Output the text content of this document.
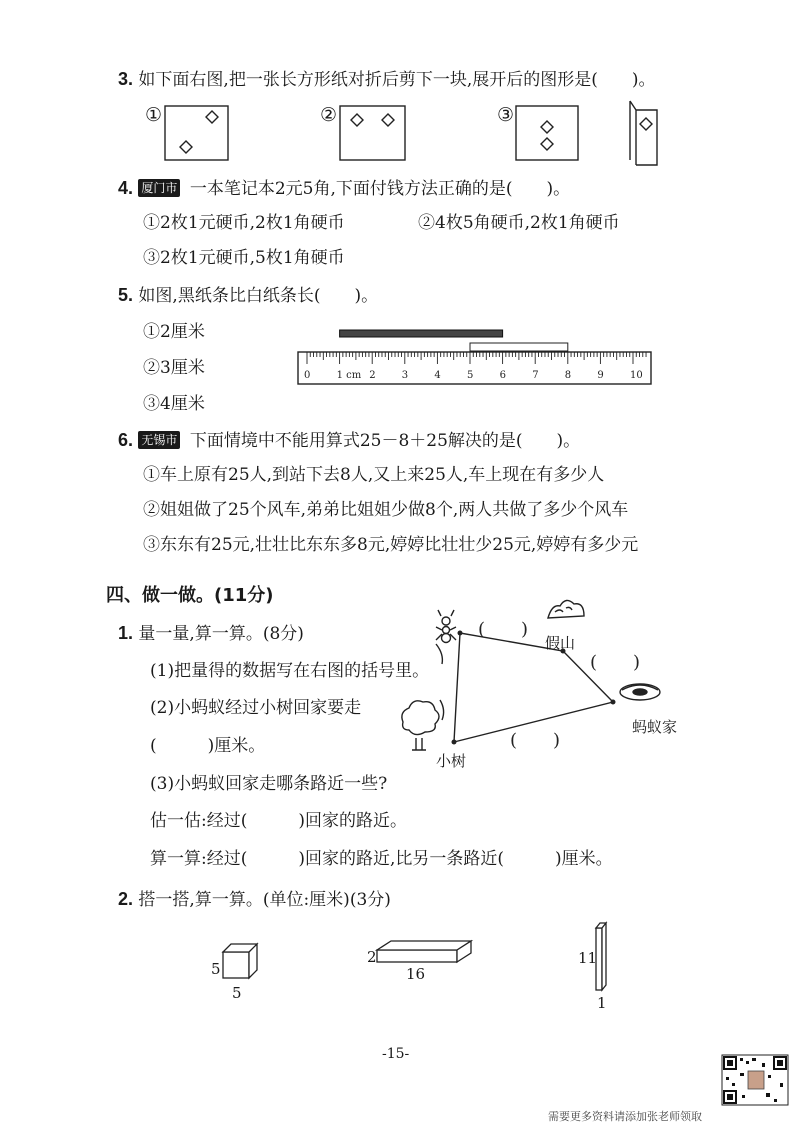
3. 如下面右图,把一张长方形纸对折后剪下一块,展开后的图形是(　　)。
①	②	③
4. 厦门市 一本笔记本2元5角,下面付钱方法正确的是(　　)。
①2枚1元硬币,2枚1角硬币	②4枚5角硬币,2枚1角硬币
③2枚1元硬币,5枚1角硬币
5. 如图,黑纸条比白纸条长(　　)。
①2厘米
②3厘米
③4厘米
0	1 cm 2	3	4	5	6	7	8	9	10
6. 无锡市 下面情境中不能用算式25－8＋25解决的是(　　)。
①车上原有25人,到站下去8人,又上来25人,车上现在有多少人
②姐姐做了25个风车,弟弟比姐姐少做8个,两人共做了多少个风车
③东东有25元,壮壮比东东多8元,婷婷比壮壮少25元,婷婷有多少元
四、做一做。(11分)
1. 量一量,算一算。(8分)
(1)把量得的数据写在右图的括号里。
(2)小蚂蚁经过小树回家要走
(　　　)厘米。
(3)小蚂蚁回家走哪条路近一些?
估一估:经过(　　　)回家的路近。
算一算:经过(　　　)回家的路近,比另一条路近(　　　)厘米。
(　　)
(　　)
(　　)
假山
蚂蚁家
小树
2. 搭一搭,算一算。(单位:厘米)(3分)
5
5
2
16
11
1
-15-
需要更多资料请添加张老师领取
